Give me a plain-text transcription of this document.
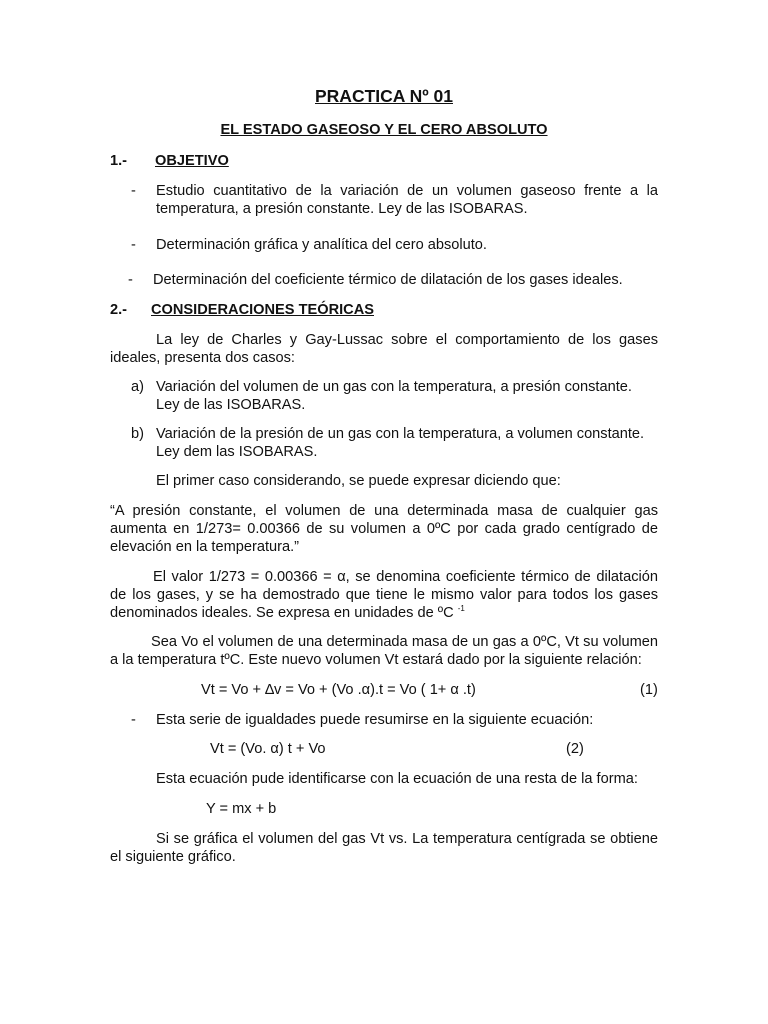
PRACTICA Nº 01
EL ESTADO GASEOSO Y EL CERO ABSOLUTO
1.- OBJETIVO
-	Estudio cuantitativo de la variación de un volumen gaseoso frente a la temperatura, a presión constante. Ley de las ISOBARAS.
-	Determinación gráfica y analítica del cero absoluto.
-	Determinación del coeficiente térmico de dilatación de los gases ideales.
2.- CONSIDERACIONES TEÓRICAS
La ley de Charles y Gay-Lussac sobre el comportamiento de los gases ideales, presenta dos casos:
a) Variación del volumen de un gas con la temperatura, a presión constante. Ley de las ISOBARAS.
b) Variación de la presión de un gas con la temperatura, a volumen constante. Ley dem las ISOBARAS.
El primer caso considerando, se puede expresar diciendo que:
“A presión constante, el volumen de una determinada masa de cualquier gas aumenta en 1/273= 0.00366 de su volumen a 0ºC por cada grado centígrado de elevación en la temperatura.”
El valor 1/273 = 0.00366 = α, se denomina coeficiente térmico de dilatación de los gases, y se ha demostrado que tiene le mismo valor para todos los gases denominados ideales. Se expresa en unidades de ºC $^{-1}$
Sea Vo el volumen de una determinada masa de un gas a 0ºC, Vt su volumen a la temperatura tºC. Este nuevo volumen Vt estará dado por la siguiente relación:
Vt = Vo + ∆v = Vo + (Vo .α).t = Vo ( 1+ α .t)	(1)
-	Esta serie de igualdades puede resumirse en la siguiente ecuación:
Vt = (Vo. α) t + Vo	(2)
Esta ecuación pude identificarse con la ecuación de una resta de la forma:
Y = mx + b
Si se gráfica el volumen del gas Vt vs. La temperatura centígrada se obtiene el siguiente gráfico.
